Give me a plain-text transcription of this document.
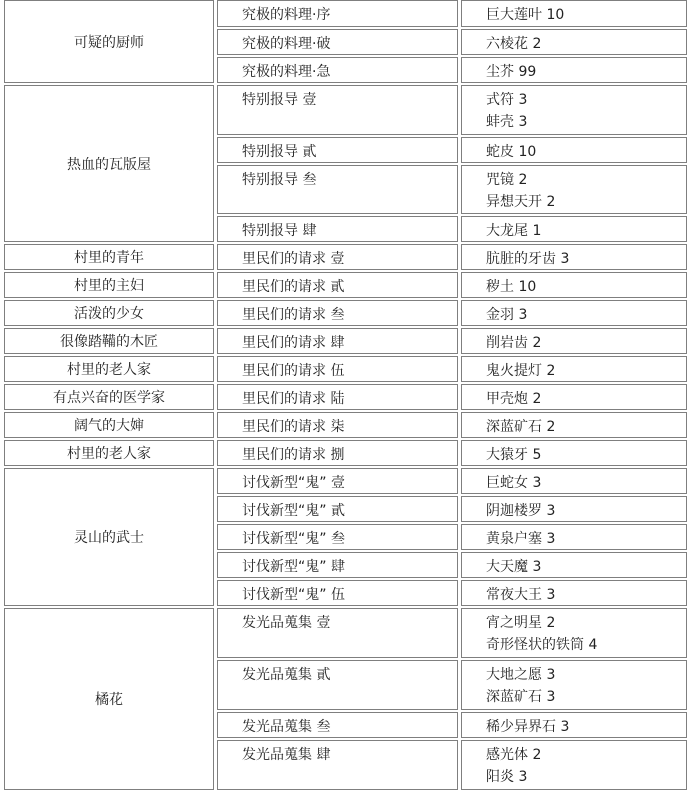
可疑的厨师
究极的料理·序	巨大莲叶 10
究极的料理·破	六棱花 2
究极的料理·急	尘芥 99
热血的瓦版屋
特别报导 壹	式符 3
蚌壳 3
特别报导 貳	蛇皮 10
特别报导 叁	咒镜 2
异想天开 2
特别报导 肆	大龙尾 1
村里的青年	里民们的请求 壹	肮脏的牙齿 3
村里的主妇	里民们的请求 貳	秽土 10
活泼的少女	里民们的请求 叁	金羽 3
很像踏鞴的木匠	里民们的请求 肆	削岩齿 2
村里的老人家	里民们的请求 伍	鬼火提灯 2
有点兴奋的医学家	里民们的请求 陆	甲壳炮 2
阔气的大婶	里民们的请求 柒	深蓝矿石 2
村里的老人家	里民们的请求 捌	大猿牙 5
灵山的武士
讨伐新型“鬼” 壹	巨蛇女 3
讨伐新型“鬼” 貳	阴迦楼罗 3
讨伐新型“鬼” 叁	黄泉户塞 3
讨伐新型“鬼” 肆	大天魔 3
讨伐新型“鬼” 伍	常夜大王 3
橘花
发光品蒐集 壹	宵之明星 2
奇形怪状的铁筒 4
发光品蒐集 貳	大地之愿 3
深蓝矿石 3
发光品蒐集 叁	稀少异界石 3
发光品蒐集 肆	感光体 2
阳炎 3
